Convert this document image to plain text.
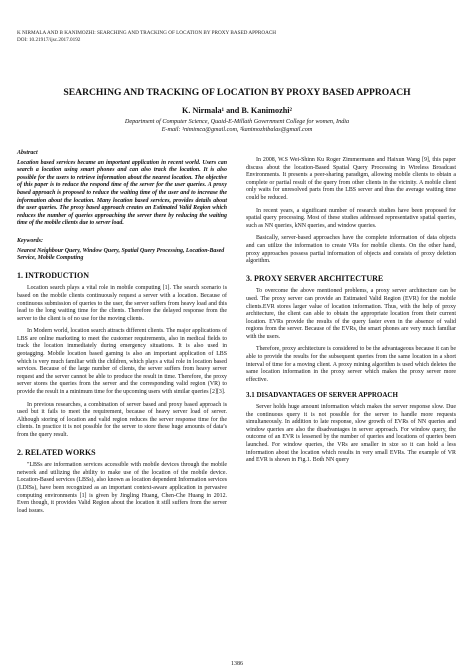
K NIRMALA AND B KANIMOZHI: SEARCHING AND TRACKING OF LOCATION BY PROXY BASED APPROACH
DOI: 10.21917/ijsc.2017.0192
SEARCHING AND TRACKING OF LOCATION BY PROXY BASED APPROACH
K. Nirmala¹ and B. Kanimozhi²
Department of Computer Science, Quaid-E-Millath Government College for women, India
E-mail: ¹nimimca@gmail.com, ²kanimozhibalas@gmail.com
Abstract

Location based services became an important application in recent world. Users can search a location using smart phones and can also track the location. It is also possible for the users to retrieve information about the nearest location. The objective of this paper is to reduce the respond time of the server for the user queries. A proxy based approach is proposed to reduce the waiting time of the user and to increase the information about the location. Many location based services, provides details about the user queries. The proxy based approach creates an Estimated Valid Region which reduces the number of queries approaching the server there by reducing the waiting time of the mobile clients due to server load.

Keywords:

Nearest Neighbour Query, Window Query, Spatial Query Processing, Location-Based Service, Mobile Computing

1. INTRODUCTION

Location search plays a vital role in mobile computing [1]. The search scenario is based on the mobile clients continuously request a server with a location. Because of continuous submission of queries to the user, the server suffers from heavy load and this lead to the long waiting time for the clients. Therefore the delayed response from the server to the client is of no use for the moving clients.

In Modern world, location search attracts different clients. The major applications of LBS are online marketing to meet the customer requirements, also in medical fields to track the location immediately during emergency situations. It is also used in geotagging. Mobile location based gaming is also an important application of LBS which is very much familiar with the children, which plays a vital role in location based services. Because of the large number of clients, the server suffers from heavy server request and the server cannot be able to produce the result in time. Therefore, the proxy server stores the queries from the server and the corresponding valid region (VR) to provide the result in a minimum time for the upcoming users with similar queries [2][3].

In previous researches, a combination of server based and proxy based approach is used but it fails to meet the requirement, because of heavy server load of server. Although storing of location and valid region reduces the server response time for the clients. In practice it is not possible for the server to store these huge amounts of data’s from the query result.

2. RELATED WORKS

"LBSs are information services accessible with mobile devices through the mobile network and utilizing the ability to make use of the location of the mobile device. Location-Based services (LBSs), also known as location dependent Information services (LDISs), have been recognized as an important context-aware application in pervasive computing environments [1] is given by Jingling Huang, Chen-Che Huang in 2012. Even though, it provides Valid Region about the location it still suffers from the server load issues.

In 2008, W.S Wei-Shinn Ku Roger Zimmermann and Haixun Wang [9], this paper discuss about the location-Based Spatial Query Processing in Wireless Broadcast Environments. It presents a peer-sharing paradigm, allowing mobile clients to obtain a complete or partial result of the query from other clients in the vicinity. A mobile client only waits for unresolved parts from the LBS server and thus the average waiting time could be reduced.

In recent years, a significant number of research studies have been proposed for spatial query processing. Most of these studies addressed representative spatial queries, such as NN queries, kNN queries, and window queries.

Basically, server-based approaches have the complete information of data objects and can utilize the information to create VRs for mobile clients. On the other hand, proxy approaches possess partial information of objects and consists of proxy deletion algorithm.

3. PROXY SERVER ARCHITECTURE

To overcome the above mentioned problems, a proxy server architecture can be used. The proxy server can provide an Estimated Valid Region (EVR) for the mobile clients.EVR stores larger value of location information. Thus, with the help of proxy architecture, the client can able to obtain the appropriate location from their current location. EVRs provide the results of the query faster even in the absence of valid regions from the server. Because of the EVRs, the smart phones are very much familiar with the users.

Therefore, proxy architecture is considered to be the advantageous because it can be able to provide the results for the subsequent queries from the same location in a short interval of time for a moving client. A proxy mining algorithm is used which deletes the same location information in the proxy server which makes the proxy server more effective.

3.1 DISADVANTAGES OF SERVER APPROACH

Server holds huge amount information which makes the server response slow. Due the continuous query it is not possible for the server to handle more requests simultaneously. In addition to late response, slow growth of EVRs of NN queries and window queries are also the disadvantages in server approach. For window query, the outcome of an EVR is lessened by the number of queries and locations of queries been launched. For window queries, the VRs are smaller in size so it can hold a less information about the location which results in very small EVRs. The example of VR and EVR is shown in Fig.1. Both NN query

1386
